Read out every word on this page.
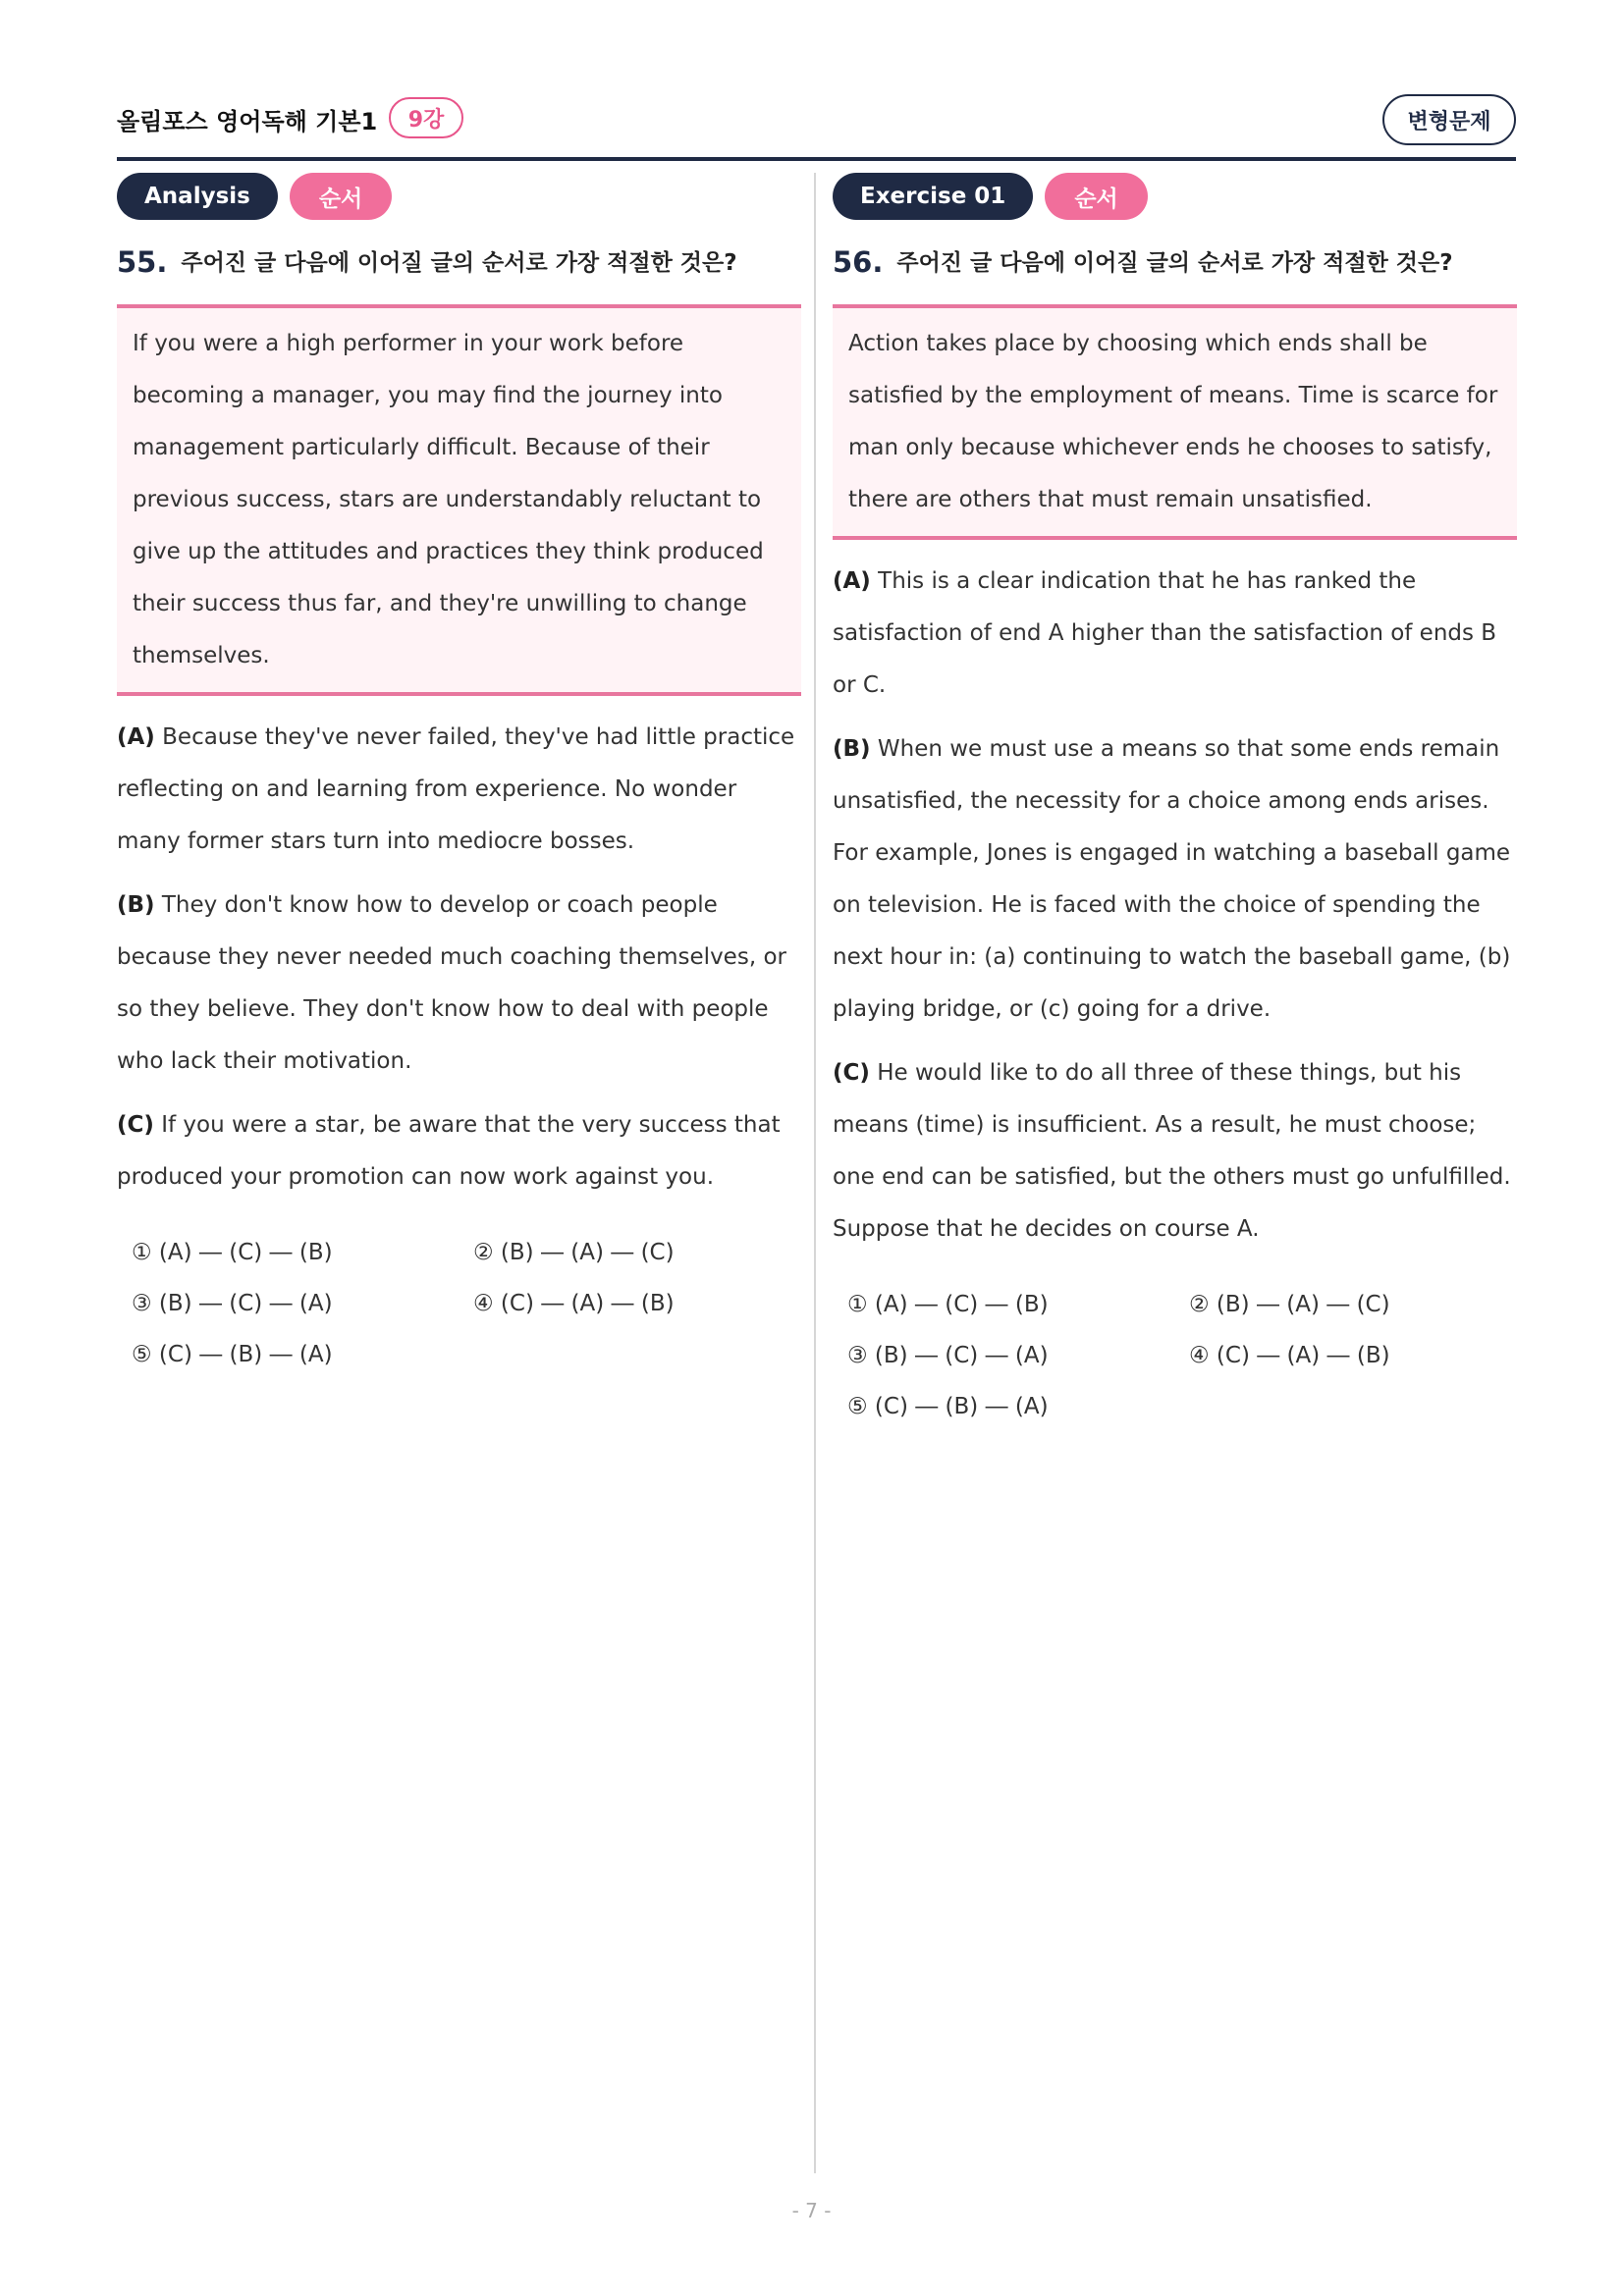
올림포스 영어독해 기본1	9강	변형문제
Analysis	순서
55. 주어진 글 다음에 이어질 글의 순서로 가장 적절한 것은?

If you were a high performer in your work before becoming a manager, you may find the journey into management particularly difficult. Because of their previous success, stars are understandably reluctant to give up the attitudes and practices they think produced their success thus far, and they're unwilling to change themselves.

(A) Because they've never failed, they've had little practice reflecting on and learning from experience. No wonder many former stars turn into mediocre bosses.

(B) They don't know how to develop or coach people because they never needed much coaching themselves, or so they believe. They don't know how to deal with people who lack their motivation.

(C) If you were a star, be aware that the very success that produced your promotion can now work against you.

① (A) ― (C) ― (B)	② (B) ― (A) ― (C)
③ (B) ― (C) ― (A)	④ (C) ― (A) ― (B)
⑤ (C) ― (B) ― (A)
Exercise 01	순서
56. 주어진 글 다음에 이어질 글의 순서로 가장 적절한 것은?

Action takes place by choosing which ends shall be satisfied by the employment of means. Time is scarce for man only because whichever ends he chooses to satisfy, there are others that must remain unsatisfied.

(A) This is a clear indication that he has ranked the satisfaction of end A higher than the satisfaction of ends B or C.

(B) When we must use a means so that some ends remain unsatisfied, the necessity for a choice among ends arises. For example, Jones is engaged in watching a baseball game on television. He is faced with the choice of spending the next hour in: (a) continuing to watch the baseball game, (b) playing bridge, or (c) going for a drive.

(C) He would like to do all three of these things, but his means (time) is insufficient. As a result, he must choose; one end can be satisfied, but the others must go unfulfilled. Suppose that he decides on course A.

① (A) ― (C) ― (B)	② (B) ― (A) ― (C)
③ (B) ― (C) ― (A)	④ (C) ― (A) ― (B)
⑤ (C) ― (B) ― (A)
- 7 -
